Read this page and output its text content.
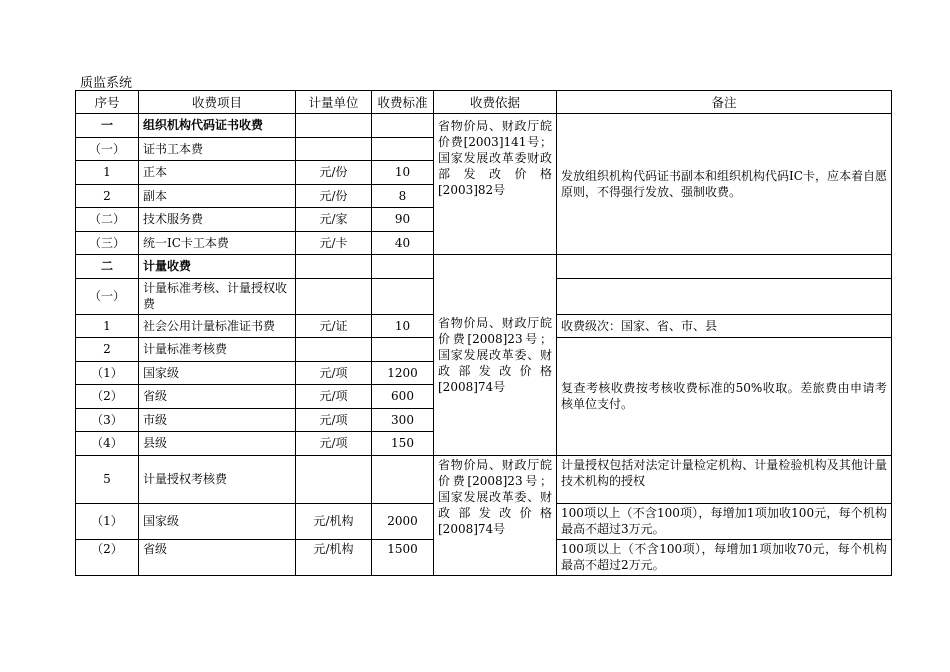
质监系统
序号	收费项目	计量单位	收费标准	收费依据	备注
一	组织机构代码证书收费			省物价局、财政厅皖价费[2003]141号；国家发展改革委财政部发改价格[2003]82号	发放组织机构代码证书副本和组织机构代码IC卡，应本着自愿原则，不得强行发放、强制收费。
（一）	证书工本费				
1	正本	元/份	10		
2	副本	元/份	8		
（二）	技术服务费	元/家	90		
（三）	统一IC卡工本费	元/卡	40		
二	计量收费			省物价局、财政厅皖价费[2008]23号；国家发展改革委、财政部发改价格[2008]74号	
（一）	计量标准考核、计量授权收费				
1	社会公用计量标准证书费	元/证	10		收费级次：国家、省、市、县
2	计量标准考核费				复查考核收费按考核收费标准的50%收取。差旅费由申请考核单位支付。
（1）	国家级	元/项	1200		
（2）	省级	元/项	600		
（3）	市级	元/项	300		
（4）	县级	元/项	150		
5	计量授权考核费			省物价局、财政厅皖价费[2008]23号；国家发展改革委、财政部发改价格[2008]74号	计量授权包括对法定计量检定机构、计量检验机构及其他计量技术机构的授权
（1）	国家级	元/机构	2000		100项以上（不含100项），每增加1项加收100元，每个机构最高不超过3万元。
（2）	省级	元/机构	1500		100项以上（不含100项），每增加1项加收70元，每个机构最高不超过2万元。
